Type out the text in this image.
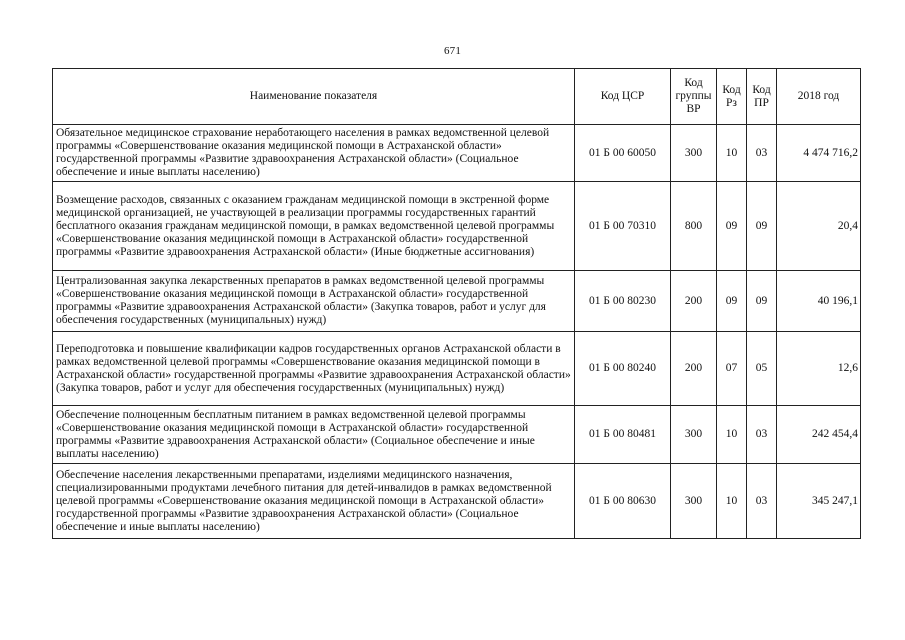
671
Наименование показателя	Код ЦСР	Код группы ВР	Код Рз	Код ПР	2018 год
Обязательное медицинское страхование неработающего населения в рамках ведомственной целевой программы «Совершенствование оказания медицинской помощи в Астраханской области» государственной программы «Развитие здравоохранения Астраханской области» (Социальное обеспечение и иные выплаты населению)	01 Б 00 60050	300	10	03	4 474 716,2
Возмещение расходов, связанных с оказанием гражданам медицинской помощи в экстренной форме медицинской организацией, не участвующей в реализации программы государственных гарантий бесплатного оказания гражданам медицинской помощи, в рамках ведомственной целевой программы «Совершенствование оказания медицинской помощи в Астраханской области» государственной программы «Развитие здравоохранения Астраханской области» (Иные бюджетные ассигнования)	01 Б 00 70310	800	09	09	20,4
Централизованная закупка лекарственных препаратов в рамках ведомственной целевой программы «Совершенствование оказания медицинской помощи в Астраханской области» государственной программы «Развитие здравоохранения Астраханской области» (Закупка товаров, работ и услуг для обеспечения государственных (муниципальных) нужд)	01 Б 00 80230	200	09	09	40 196,1
Переподготовка и повышение квалификации кадров государственных органов Астраханской области в рамках ведомственной целевой программы «Совершенствование оказания медицинской помощи в Астраханской области» государственной программы «Развитие здравоохранения Астраханской области» (Закупка товаров, работ и услуг для обеспечения государственных (муниципальных) нужд)	01 Б 00 80240	200	07	05	12,6
Обеспечение полноценным бесплатным питанием в рамках ведомственной целевой программы «Совершенствование оказания медицинской помощи в Астраханской области» государственной программы «Развитие здравоохранения Астраханской области» (Социальное обеспечение и иные выплаты населению)	01 Б 00 80481	300	10	03	242 454,4
Обеспечение населения лекарственными препаратами, изделиями медицинского назначения, специализированными продуктами лечебного питания для детей-инвалидов в рамках ведомственной целевой программы «Совершенствование оказания медицинской помощи в Астраханской области» государственной программы «Развитие здравоохранения Астраханской области» (Социальное обеспечение и иные выплаты населению)	01 Б 00 80630	300	10	03	345 247,1
